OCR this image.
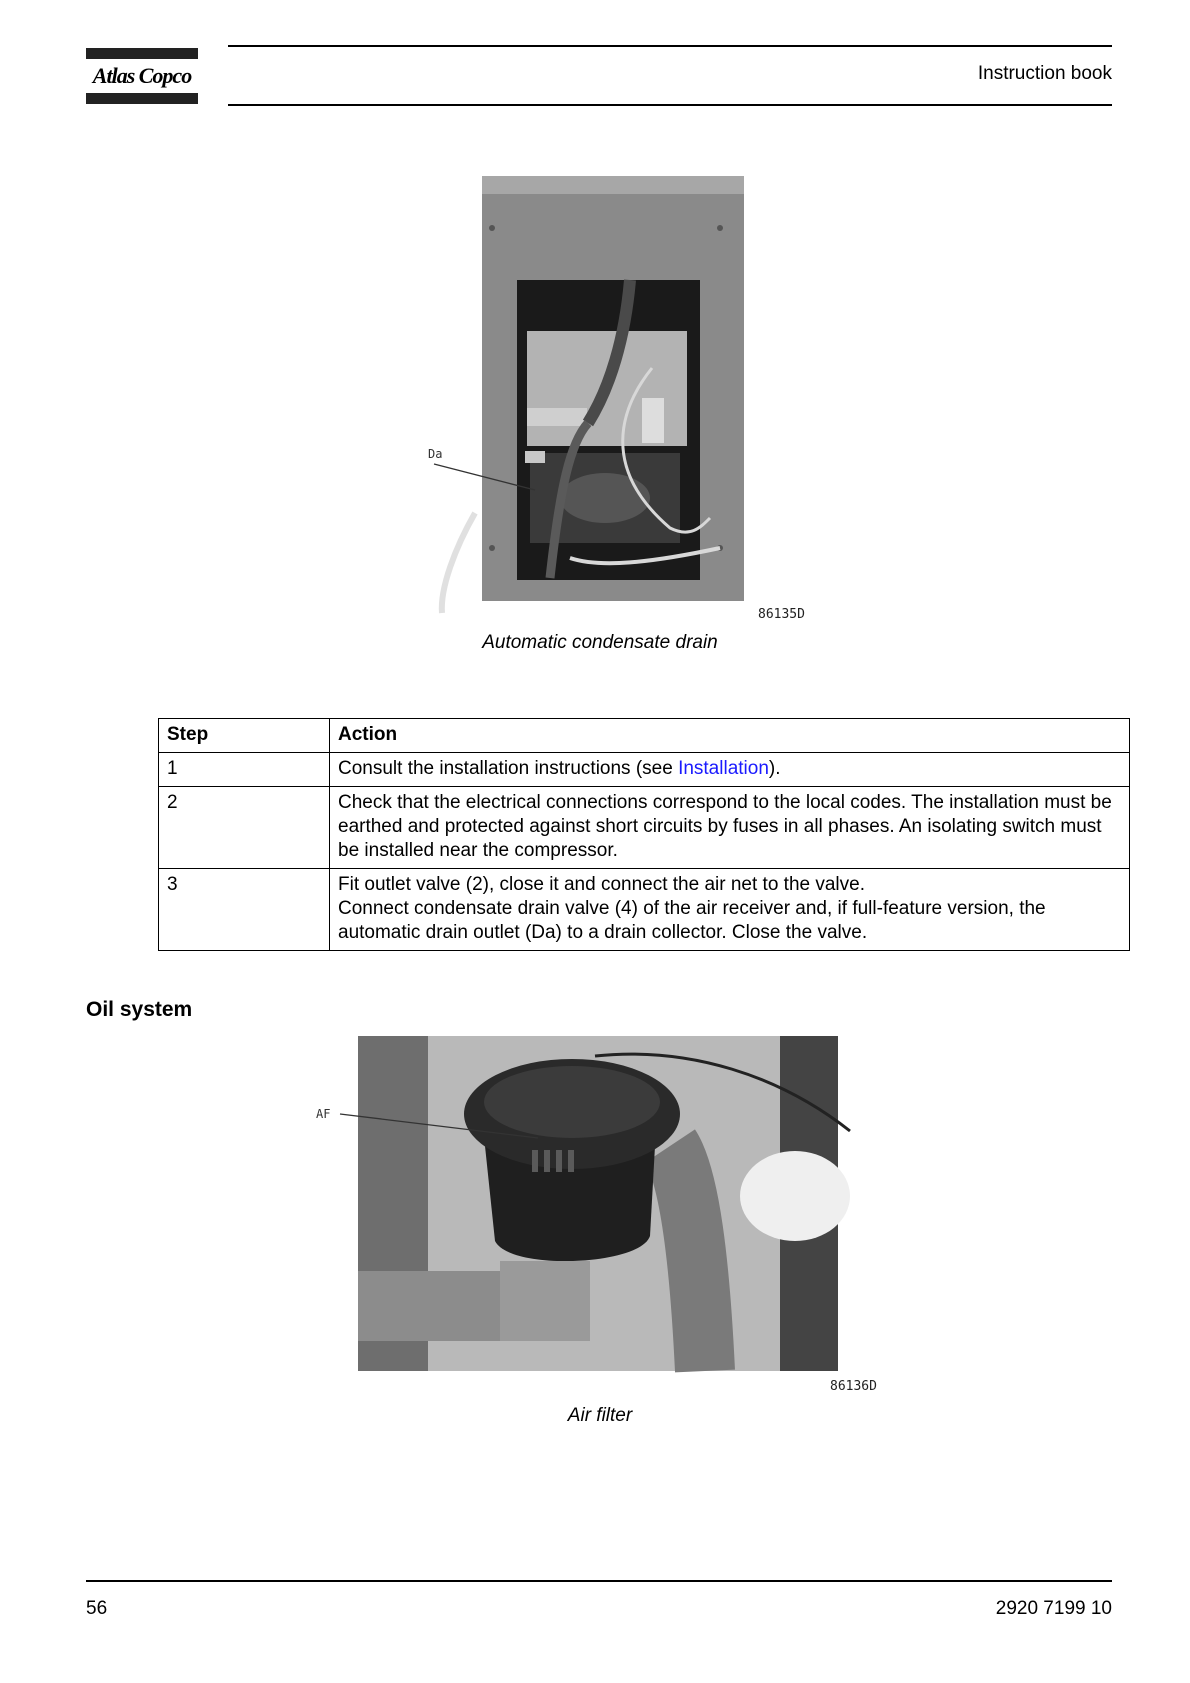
Atlas Copco	Instruction book
Da
86135D
Automatic condensate drain
Step	Action
1	Consult the installation instructions (see Installation).
2	Check that the electrical connections correspond to the local codes. The installation must be earthed and protected against short circuits by fuses in all phases. An isolating switch must be installed near the compressor.
3	Fit outlet valve (2), close it and connect the air net to the valve.
Connect condensate drain valve (4) of the air receiver and, if full-feature version, the automatic drain outlet (Da) to a drain collector. Close the valve.
Oil system
AF
86136D
Air filter
56	2920 7199 10
